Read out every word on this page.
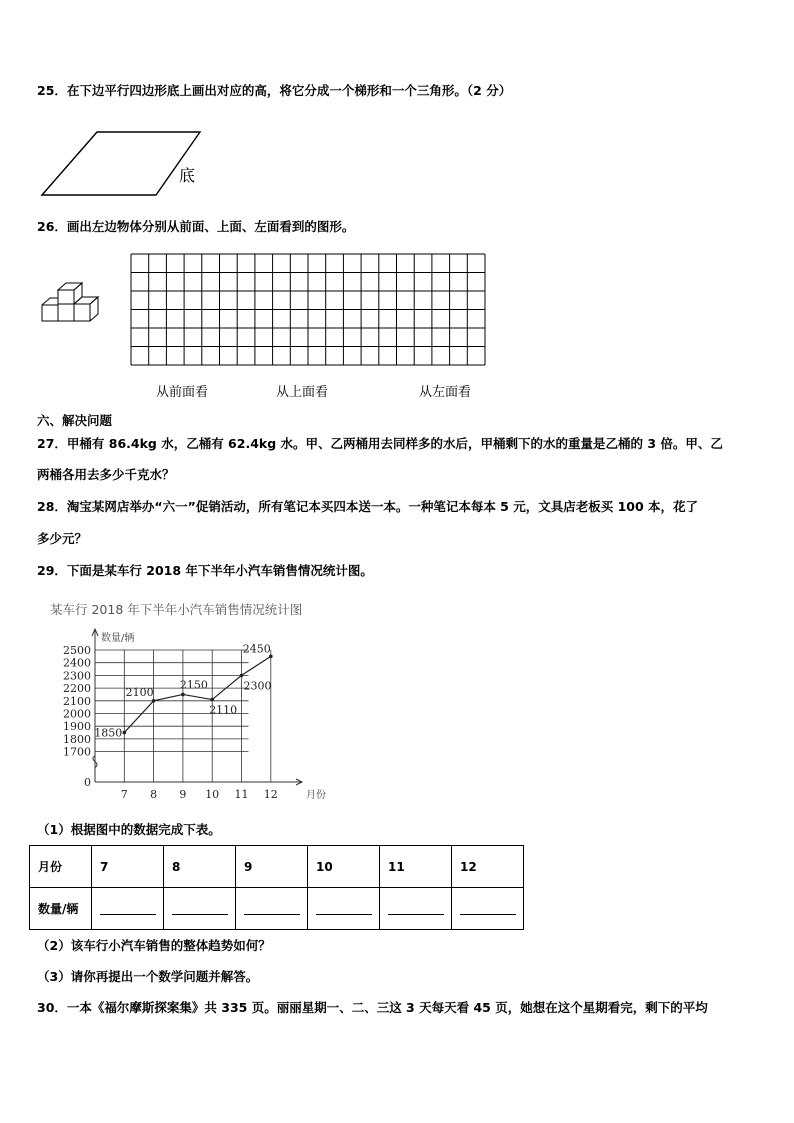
25．在下边平行四边形底上画出对应的高，将它分成一个梯形和一个三角形。（2 分）
底
26．画出左边物体分别从前面、上面、左面看到的图形。
从前面看	从上面看	从左面看
六、解决问题
27．甲桶有 86.4kg 水，乙桶有 62.4kg 水。甲、乙两桶用去同样多的水后，甲桶剩下的水的重量是乙桶的 3 倍。甲、乙
两桶各用去多少千克水？
28．淘宝某网店举办“六一”促销活动，所有笔记本买四本送一本。一种笔记本每本 5 元，文具店老板买 100 本，花了
多少元？
29．下面是某车行 2018 年下半年小汽车销售情况统计图。
某车行 2018 年下半年小汽车销售情况统计图
2500
2400
2300
2200
2100
2000
1900
1800
1700
0
7 8 9 10 11 12
数量/辆
月份
1850
2100
2150
2110
2300
2450
（1）根据图中的数据完成下表。
月份	7	8	9	10	11	12
数量/辆						
（2）该车行小汽车销售的整体趋势如何？
（3）请你再提出一个数学问题并解答。
30．一本《福尔摩斯探案集》共 335 页。丽丽星期一、二、三这 3 天每天看 45 页，她想在这个星期看完，剩下的平均
